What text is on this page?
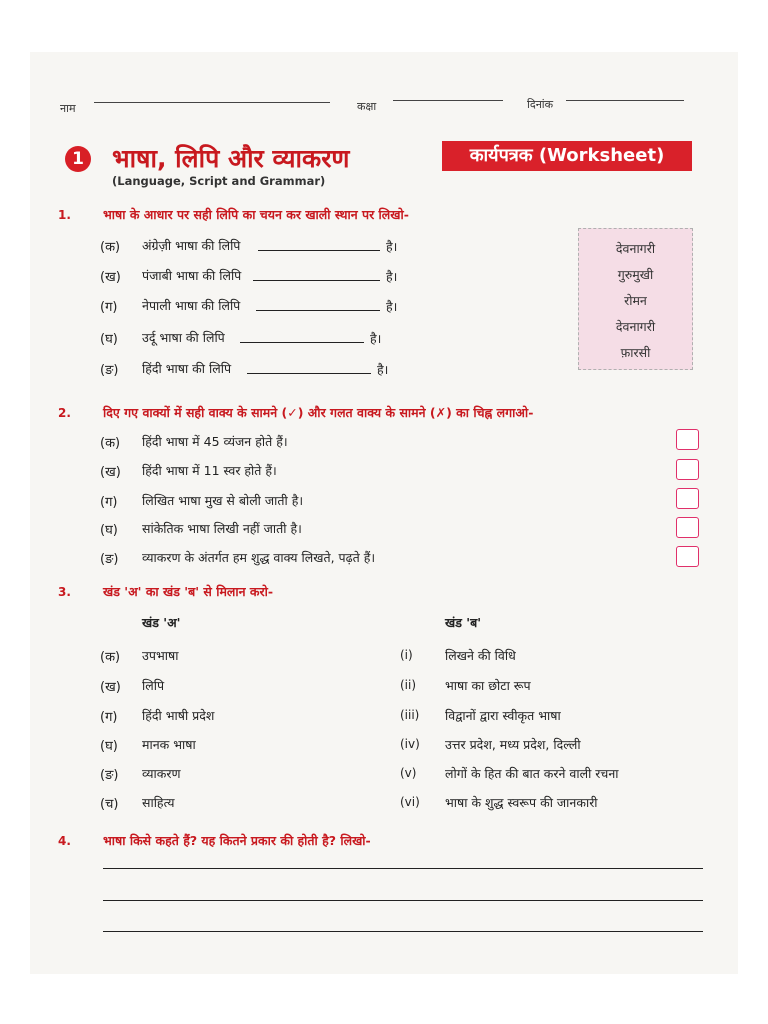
नाम	कक्षा	दिनांक
1 भाषा, लिपि और व्याकरण
(Language, Script and Grammar)
कार्यपत्रक (Worksheet)
1.	भाषा के आधार पर सही लिपि का चयन कर खाली स्थान पर लिखो-
(क) अंग्रेज़ी भाषा की लिपि	है।
(ख) पंजाबी भाषा की लिपि	है।
(ग) नेपाली भाषा की लिपि	है।
(घ) उर्दू भाषा की लिपि	है।
(ङ) हिंदी भाषा की लिपि	है।
देवनागरी
गुरुमुखी
रोमन
देवनागरी
फ़ारसी
2.	दिए गए वाक्यों में सही वाक्य के सामने (✓) और गलत वाक्य के सामने (✗) का चिह्न लगाओ-
(क) हिंदी भाषा में 45 व्यंजन होते हैं।
(ख) हिंदी भाषा में 11 स्वर होते हैं।
(ग) लिखित भाषा मुख से बोली जाती है।
(घ) सांकेतिक भाषा लिखी नहीं जाती है।
(ङ) व्याकरण के अंतर्गत हम शुद्ध वाक्य लिखते, पढ़ते हैं।
3.	खंड 'अ' का खंड 'ब' से मिलान करो-
खंड 'अ'	खंड 'ब'
(क) उपभाषा	(i)	लिखने की विधि
(ख) लिपि	(ii) भाषा का छोटा रूप
(ग) हिंदी भाषी प्रदेश	(iii) विद्वानों द्वारा स्वीकृत भाषा
(घ) मानक भाषा	(iv) उत्तर प्रदेश, मध्य प्रदेश, दिल्ली
(ङ) व्याकरण	(v) लोगों के हित की बात करने वाली रचना
(च) साहित्य	(vi) भाषा के शुद्ध स्वरूप की जानकारी
4.	भाषा किसे कहते हैं? यह कितने प्रकार की होती है? लिखो-
